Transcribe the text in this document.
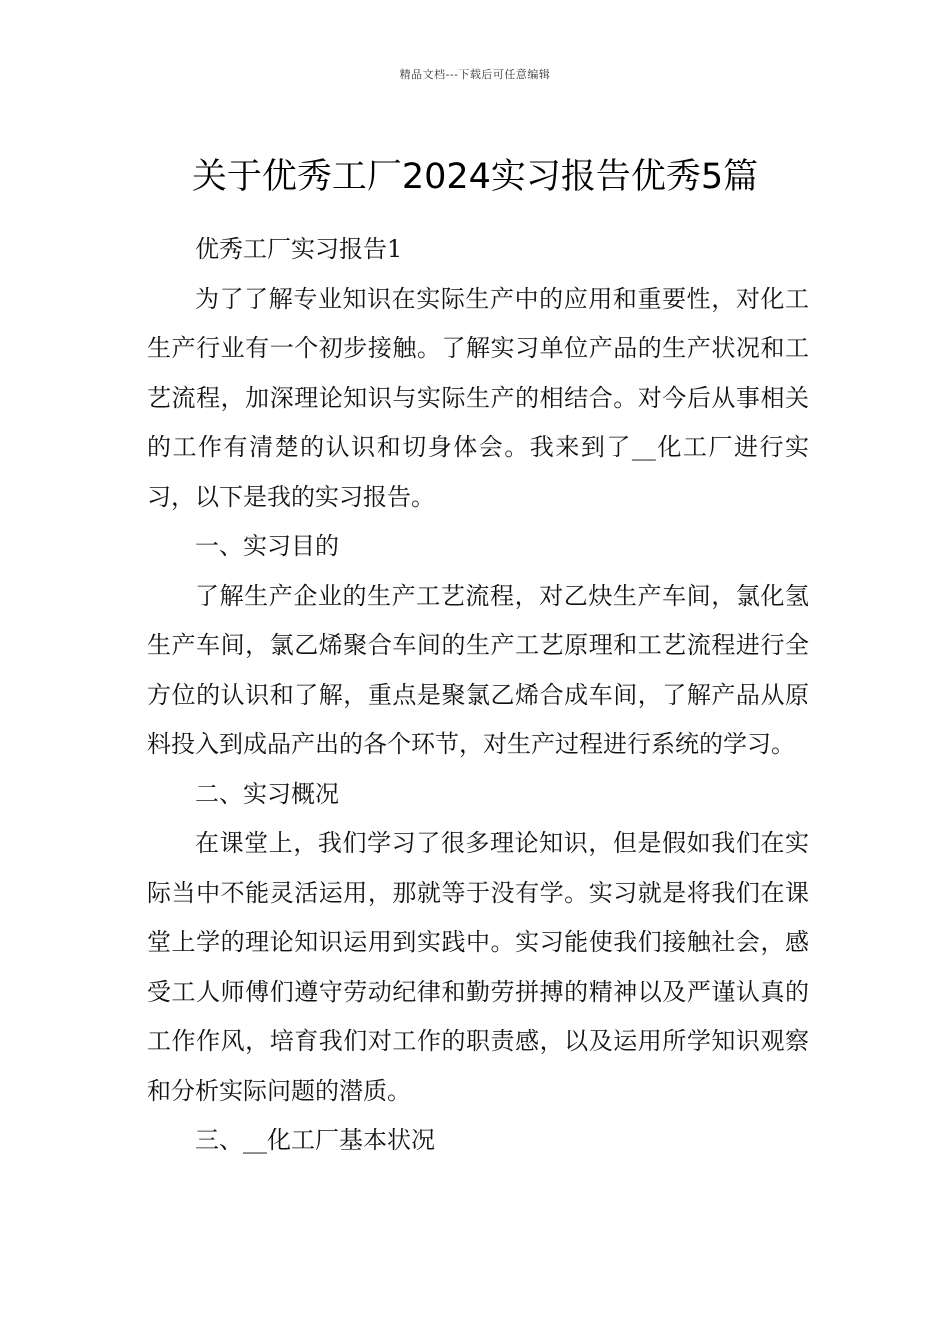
精品文档---下载后可任意编辑
关于优秀工厂2024实习报告优秀5篇

优秀工厂实习报告1

为了了解专业知识在实际生产中的应用和重要性，对化工生产行业有一个初步接触。了解实习单位产品的生产状况和工艺流程，加深理论知识与实际生产的相结合。对今后从事相关的工作有清楚的认识和切身体会。我来到了__化工厂进行实习，以下是我的实习报告。

一、实习目的

了解生产企业的生产工艺流程，对乙炔生产车间，氯化氢生产车间，氯乙烯聚合车间的生产工艺原理和工艺流程进行全方位的认识和了解，重点是聚氯乙烯合成车间，了解产品从原料投入到成品产出的各个环节，对生产过程进行系统的学习。

二、实习概况

在课堂上，我们学习了很多理论知识，但是假如我们在实际当中不能灵活运用，那就等于没有学。实习就是将我们在课堂上学的理论知识运用到实践中。实习能使我们接触社会，感受工人师傅们遵守劳动纪律和勤劳拼搏的精神以及严谨认真的工作作风，培育我们对工作的职责感，以及运用所学知识观察和分析实际问题的潜质。

三、__化工厂基本状况
